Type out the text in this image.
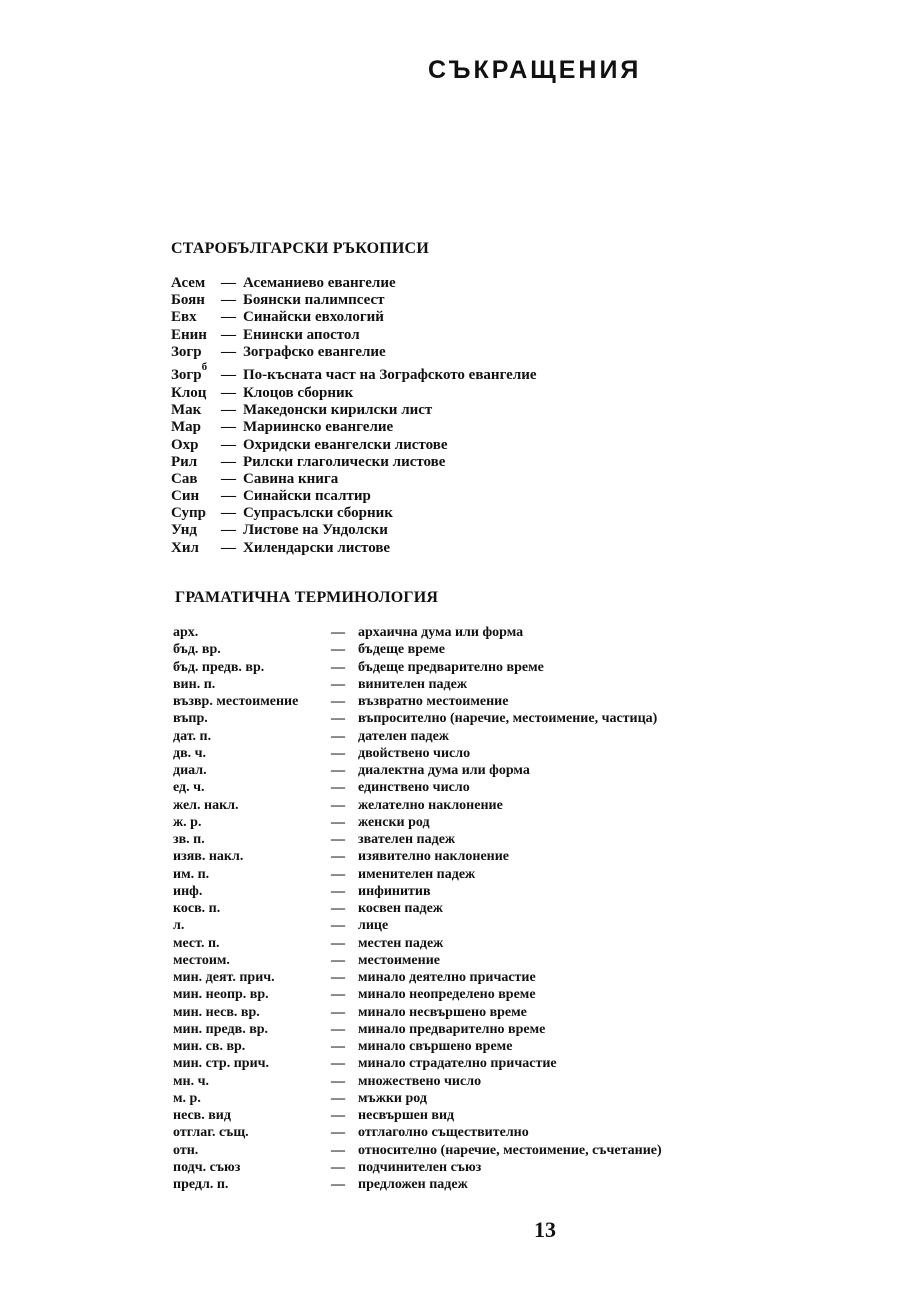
СЪКРАЩЕНИЯ
СТАРОБЪЛГАРСКИ РЪКОПИСИ
Асем — Асеманиево евангелие
Боян — Боянски палимпсест
Евх — Синайски евхологий
Енин — Енински апостол
Зогр — Зографско евангелие
Зогр$^б$ — По-късната част на Зографското евангелие
Клоц — Клоцов сборник
Мак — Македонски кирилски лист
Мар — Мариинско евангелие
Охр — Охридски евангелски листове
Рил — Рилски глаголически листове
Сав — Савина книга
Син — Синайски псалтир
Супр — Супрасълски сборник
Унд — Листове на Ундолски
Хил — Хилендарски листове
ГРАМАТИЧНА ТЕРМИНОЛОГИЯ
арх.	— архаична дума или форма
бъд. вр.	— бъдеще време
бъд. предв. вр.	— бъдеще предварително време
вин. п.	— винителен падеж
възвр. местоимение — възвратно местоимение
въпр.	— въпросително (наречие, местоимение, частица)
дат. п.	— дателен падеж
дв. ч.	— двойствено число
диал.	— диалектна дума или форма
ед. ч.	— единствено число
жел. накл.	— желателно наклонение
ж. р.	— женски род
зв. п.	— звателен падеж
изяв. накл.	— изявително наклонение
им. п.	— именителен падеж
инф.	— инфинитив
косв. п.	— косвен падеж
л.	— лице
мест. п.	— местен падеж
местоим.	— местоимение
мин. деят. прич.	— минало деятелно причастие
мин. неопр. вр.	— минало неопределено време
мин. несв. вр.	— минало несвършено време
мин. предв. вр.	— минало предварително време
мин. св. вр.	— минало свършено време
мин. стр. прич.	— минало страдателно причастие
мн. ч.	— множествено число
м. р.	— мъжки род
несв. вид	— несвършен вид
отглаг. същ.	— отглаголно съществително
отн.	— относително (наречие, местоимение, съчетание)
подч. съюз	— подчинителен съюз
предл. п.	— предложен падеж
13
